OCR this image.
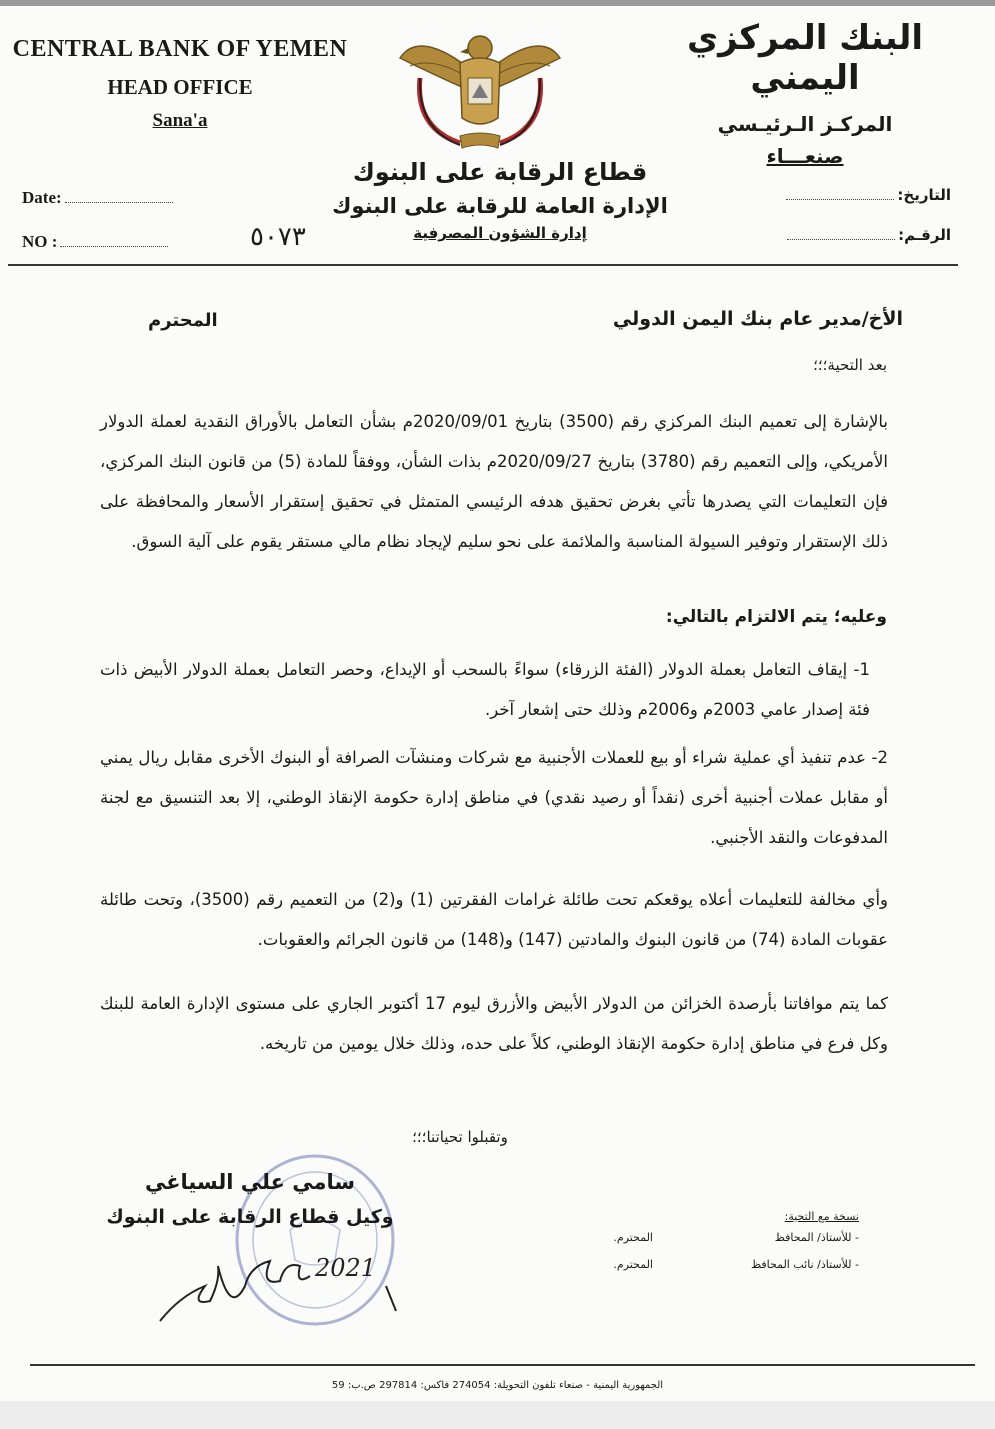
CENTRAL BANK OF YEMEN
HEAD OFFICE
Sana'a
البنك المركزي اليمني
المركـز الـرئيـسي
صنعـــاء
قطاع الرقابة على البنوك
الإدارة العامة للرقابة على البنوك
إدارة الشؤون المصرفية
٥٠٧٣
Date:
NO :
التاريخ:
الرقـم:
الأخ/مدير عام بنك اليمن الدولي
المحترم
بعد التحية؛؛؛
بالإشارة إلى تعميم البنك المركزي رقم (3500) بتاريخ 2020/09/01م بشأن التعامل بالأوراق النقدية لعملة الدولار الأمريكي، وإلى التعميم رقم (3780) بتاريخ 2020/09/27م بذات الشأن، ووفقاً للمادة (5) من قانون البنك المركزي، فإن التعليمات التي يصدرها تأتي بغرض تحقيق هدفه الرئيسي المتمثل في تحقيق إستقرار الأسعار والمحافظة على ذلك الإستقرار وتوفير السيولة المناسبة والملائمة على نحو سليم لإيجاد نظام مالي مستقر يقوم على آلية السوق.
وعليه؛ يتم الالتزام بالتالي:
1- إيقاف التعامل بعملة الدولار (الفئة الزرقاء) سواءً بالسحب أو الإيداع، وحصر التعامل بعملة الدولار الأبيض ذات فئة إصدار عامي 2003م و2006م وذلك حتى إشعار آخر.
2- عدم تنفيذ أي عملية شراء أو بيع للعملات الأجنبية مع شركات ومنشآت الصرافة أو البنوك الأخرى مقابل ريال يمني أو مقابل عملات أجنبية أخرى (نقداً أو رصيد نقدي) في مناطق إدارة حكومة الإنقاذ الوطني، إلا بعد التنسيق مع لجنة المدفوعات والنقد الأجنبي.
وأي مخالفة للتعليمات أعلاه يوقعكم تحت طائلة غرامات الفقرتين (1) و(2) من التعميم رقم (3500)، وتحت طائلة عقوبات المادة (74) من قانون البنوك والمادتين (147) و(148) من قانون الجرائم والعقوبات.
كما يتم موافاتنا بأرصدة الخزائن من الدولار الأبيض والأزرق ليوم 17 أكتوبر الجاري على مستوى الإدارة العامة للبنك وكل فرع في مناطق إدارة حكومة الإنقاذ الوطني، كلاً على حده، وذلك خلال يومين من تاريخه.
وتقبلوا تحياتنا؛؛؛
سامي علي السياغي
وكيل قطاع الرقابة على البنوك
2021
نسخة مع التحية:
- للأستاذ/ المحافظ
المحترم.
- للأستاذ/ نائب المحافظ
المحترم.
الجمهورية اليمنية - صنعاء تلفون التحويلة: 274054 فاكس: 297814 ص.ب: 59
